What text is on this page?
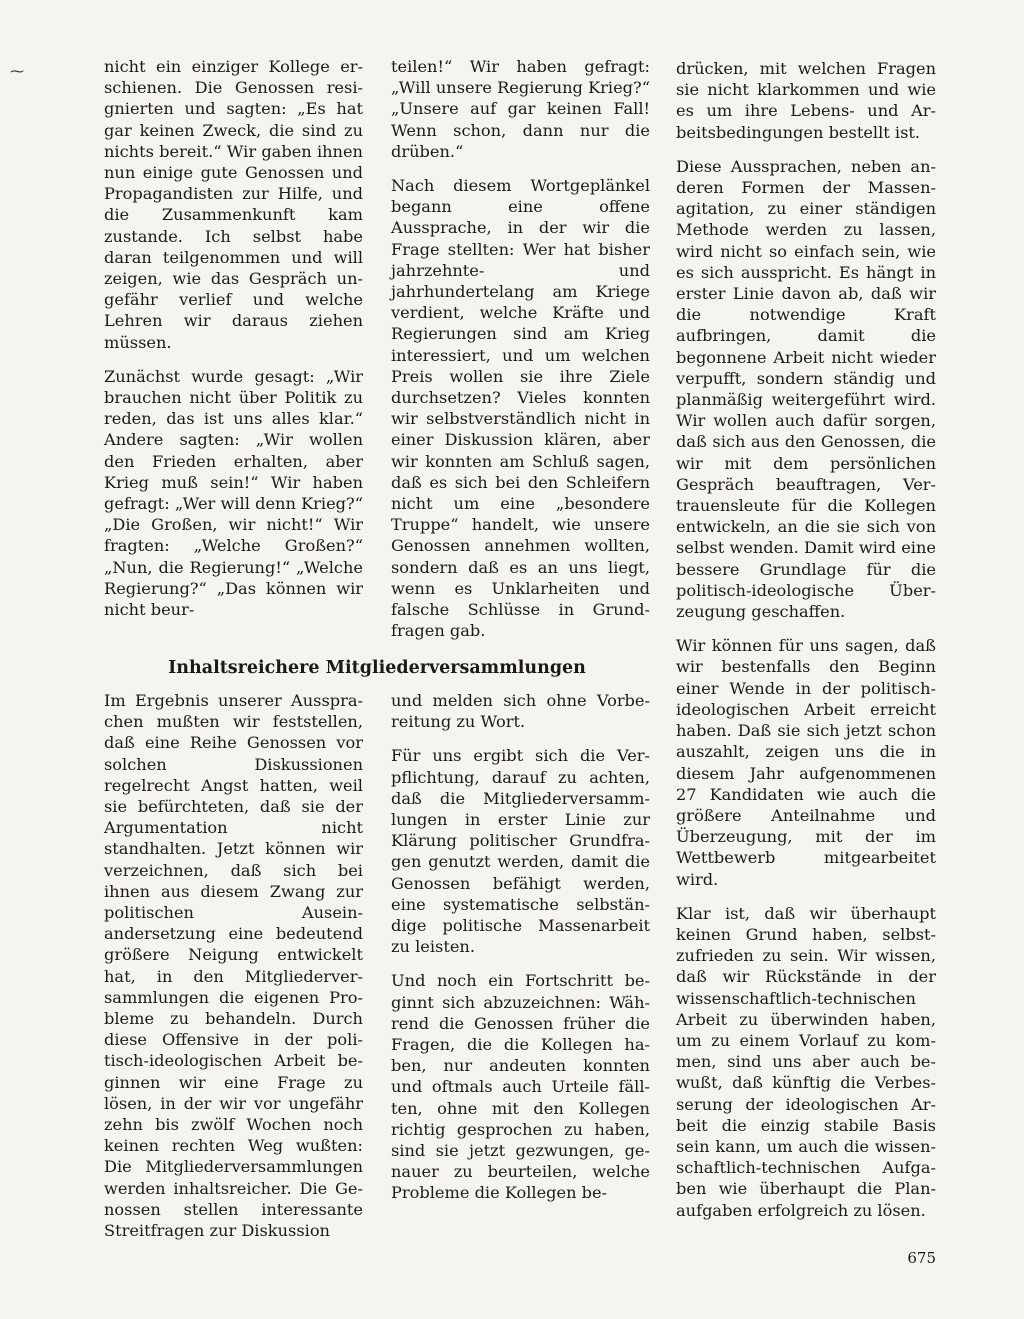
⁓	nicht ein einziger Kollege erschienen. Die Genossen resignierten und sagten: „Es hat gar keinen Zweck, die sind zu nichts bereit.“ Wir gaben ihnen nun einige gute Genossen und Propagandisten zur Hilfe, und die Zusammenkunft kam zustande. Ich selbst habe daran teilgenommen und will zeigen, wie das Gespräch ungefähr verlief und welche Lehren wir daraus ziehen müssen.

Zunächst wurde gesagt: „Wir brauchen nicht über Politik zu reden, das ist uns alles klar.“ Andere sagten: „Wir wollen den Frieden erhalten, aber Krieg muß sein!“ Wir haben gefragt: „Wer will denn Krieg?“ „Die Großen, wir nicht!“ Wir fragten: „Welche Großen?“ „Nun, die Regierung!“ „Welche Regierung?“ „Das können wir nicht beur-

teilen!“ Wir haben gefragt: „Will unsere Regierung Krieg?“ „Unsere auf gar keinen Fall! Wenn schon, dann nur die drüben.“

Nach diesem Wortgeplänkel begann eine offene Aussprache, in der wir die Frage stellten: Wer hat bisher jahrzehnte- und jahrhundertelang am Kriege verdient, welche Kräfte und Regierungen sind am Krieg interessiert, und um welchen Preis wollen sie ihre Ziele durchsetzen? Vieles konnten wir selbstverständlich nicht in einer Diskussion klären, aber wir konnten am Schluß sagen, daß es sich bei den Schleifern nicht um eine „besondere Truppe“ handelt, wie unsere Genossen annehmen wollten, sondern daß es an uns liegt, wenn es Unklarheiten und falsche Schlüsse in Grundfragen gab.

drücken, mit welchen Fragen sie nicht klarkommen und wie es um ihre Lebens- und Arbeitsbedingungen bestellt ist.

Diese Aussprachen, neben anderen Formen der Massenagitation, zu einer ständigen Methode werden zu lassen, wird nicht so einfach sein, wie es sich ausspricht. Es hängt in erster Linie davon ab, daß wir die notwendige Kraft aufbringen, damit die begonnene Arbeit nicht wieder verpufft, sondern ständig und planmäßig weitergeführt wird. Wir wollen auch dafür sorgen, daß sich aus den Genossen, die wir mit dem persönlichen Gespräch beauftragen, Vertrauensleute für die Kollegen entwickeln, an die sie sich von selbst wenden. Damit wird eine bessere Grundlage für die politisch-ideologische Überzeugung geschaffen.

Wir können für uns sagen, daß wir bestenfalls den Beginn einer Wende in der politisch-ideologischen Arbeit erreicht haben. Daß sie sich jetzt schon auszahlt, zeigen uns die in diesem Jahr aufgenommenen 27 Kandidaten wie auch die größere Anteilnahme und Überzeugung, mit der im Wettbewerb mitgearbeitet wird.

Klar ist, daß wir überhaupt keinen Grund haben, selbstzufrieden zu sein. Wir wissen, daß wir Rückstände in der wissenschaftlich-technischen Arbeit zu überwinden haben, um zu einem Vorlauf zu kommen, sind uns aber auch bewußt, daß künftig die Verbesserung der ideologischen Arbeit die einzig stabile Basis sein kann, um auch die wissenschaftlich-technischen Aufgaben wie überhaupt die Planaufgaben erfolgreich zu lösen.

Inhaltsreichere Mitgliederversammlungen

Im Ergebnis unserer Aussprachen mußten wir feststellen, daß eine Reihe Genossen vor solchen Diskussionen regelrecht Angst hatten, weil sie befürchteten, daß sie der Argumentation nicht standhalten. Jetzt können wir verzeichnen, daß sich bei ihnen aus diesem Zwang zur politischen Auseinandersetzung eine bedeutend größere Neigung entwickelt hat, in den Mitgliederversammlungen die eigenen Probleme zu behandeln. Durch diese Offensive in der politisch-ideologischen Arbeit beginnen wir eine Frage zu lösen, in der wir vor ungefähr zehn bis zwölf Wochen noch keinen rechten Weg wußten: Die Mitgliederversammlungen werden inhaltsreicher. Die Genossen stellen interessante Streitfragen zur Diskussion

und melden sich ohne Vorbereitung zu Wort.

Für uns ergibt sich die Verpflichtung, darauf zu achten, daß die Mitgliederversammlungen in erster Linie zur Klärung politischer Grundfragen genutzt werden, damit die Genossen befähigt werden, eine systematische selbständige politische Massenarbeit zu leisten.

Und noch ein Fortschritt beginnt sich abzuzeichnen: Während die Genossen früher die Fragen, die die Kollegen haben, nur andeuten konnten und oftmals auch Urteile fällten, ohne mit den Kollegen richtig gesprochen zu haben, sind sie jetzt gezwungen, genauer zu beurteilen, welche Probleme die Kollegen be-

675
